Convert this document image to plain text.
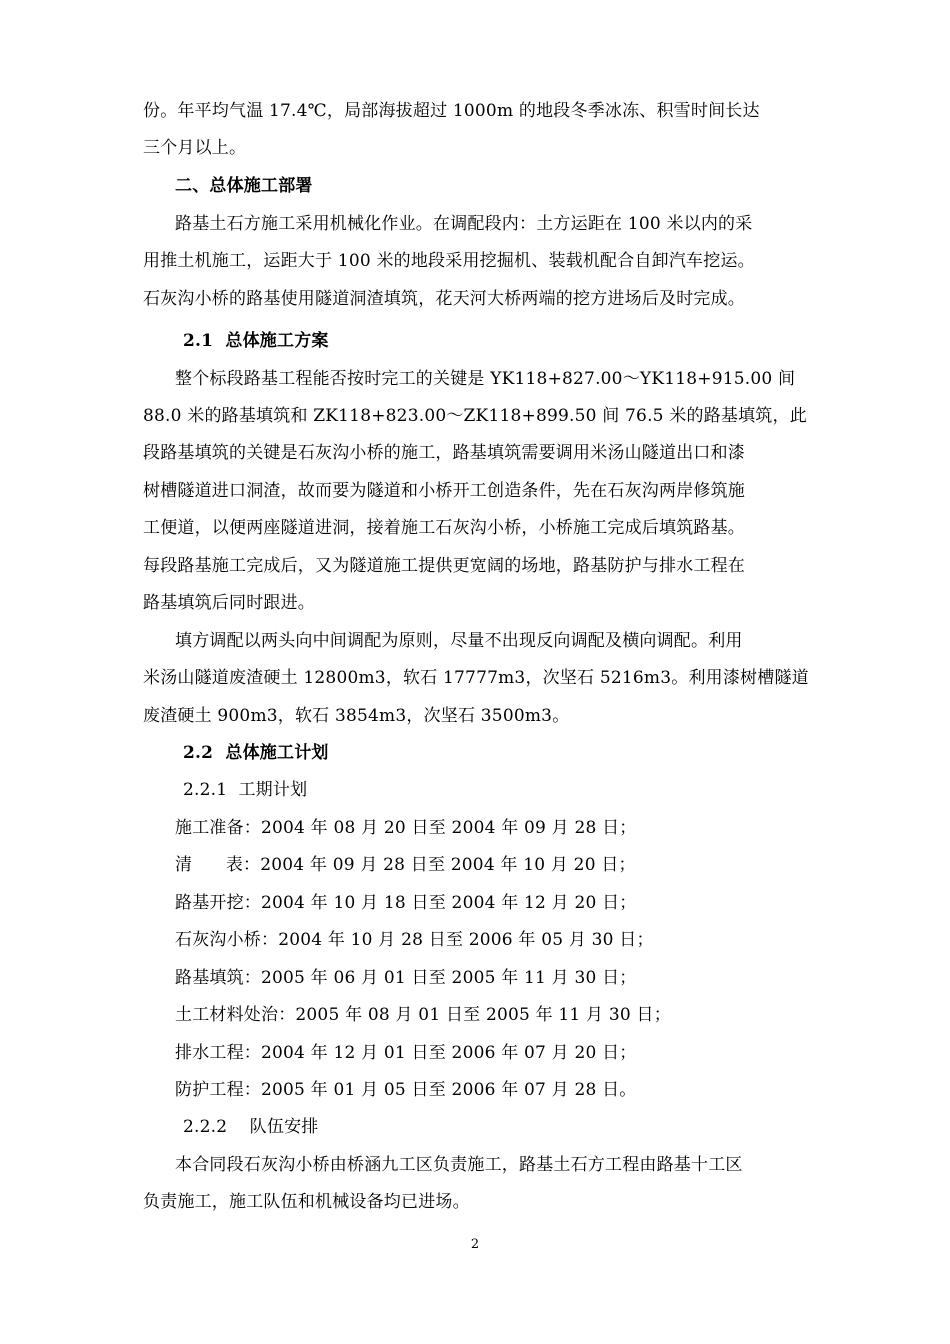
份。年平均气温 17.4℃，局部海拔超过 1000m 的地段冬季冰冻、积雪时间长达
三个月以上。
二、总体施工部署
路基土石方施工采用机械化作业。在调配段内：土方运距在 100 米以内的采
用推土机施工，运距大于 100 米的地段采用挖掘机、装载机配合自卸汽车挖运。
石灰沟小桥的路基使用隧道洞渣填筑，花天河大桥两端的挖方进场后及时完成。
2.1  总体施工方案
整个标段路基工程能否按时完工的关键是 YK118+827.00～YK118+915.00 间
88.0 米的路基填筑和 ZK118+823.00～ZK118+899.50 间 76.5 米的路基填筑，此
段路基填筑的关键是石灰沟小桥的施工，路基填筑需要调用米汤山隧道出口和漆
树槽隧道进口洞渣，故而要为隧道和小桥开工创造条件，先在石灰沟两岸修筑施
工便道，以便两座隧道进洞，接着施工石灰沟小桥，小桥施工完成后填筑路基。
每段路基施工完成后，又为隧道施工提供更宽阔的场地，路基防护与排水工程在
路基填筑后同时跟进。
填方调配以两头向中间调配为原则，尽量不出现反向调配及横向调配。利用
米汤山隧道废渣硬土 12800m3，软石 17777m3，次坚石 5216m3。利用漆树槽隧道
废渣硬土 900m3，软石 3854m3，次坚石 3500m3。
2.2  总体施工计划
2.2.1  工期计划
施工准备：2004 年 08 月 20 日至 2004 年 09 月 28 日；
清      表：2004 年 09 月 28 日至 2004 年 10 月 20 日；
路基开挖：2004 年 10 月 18 日至 2004 年 12 月 20 日；
石灰沟小桥：2004 年 10 月 28 日至 2006 年 05 月 30 日；
路基填筑：2005 年 06 月 01 日至 2005 年 11 月 30 日；
土工材料处治：2005 年 08 月 01 日至 2005 年 11 月 30 日；
排水工程：2004 年 12 月 01 日至 2006 年 07 月 20 日；
防护工程：2005 年 01 月 05 日至 2006 年 07 月 28 日。
2.2.2    队伍安排
本合同段石灰沟小桥由桥涵九工区负责施工，路基土石方工程由路基十工区
负责施工，施工队伍和机械设备均已进场。
2
